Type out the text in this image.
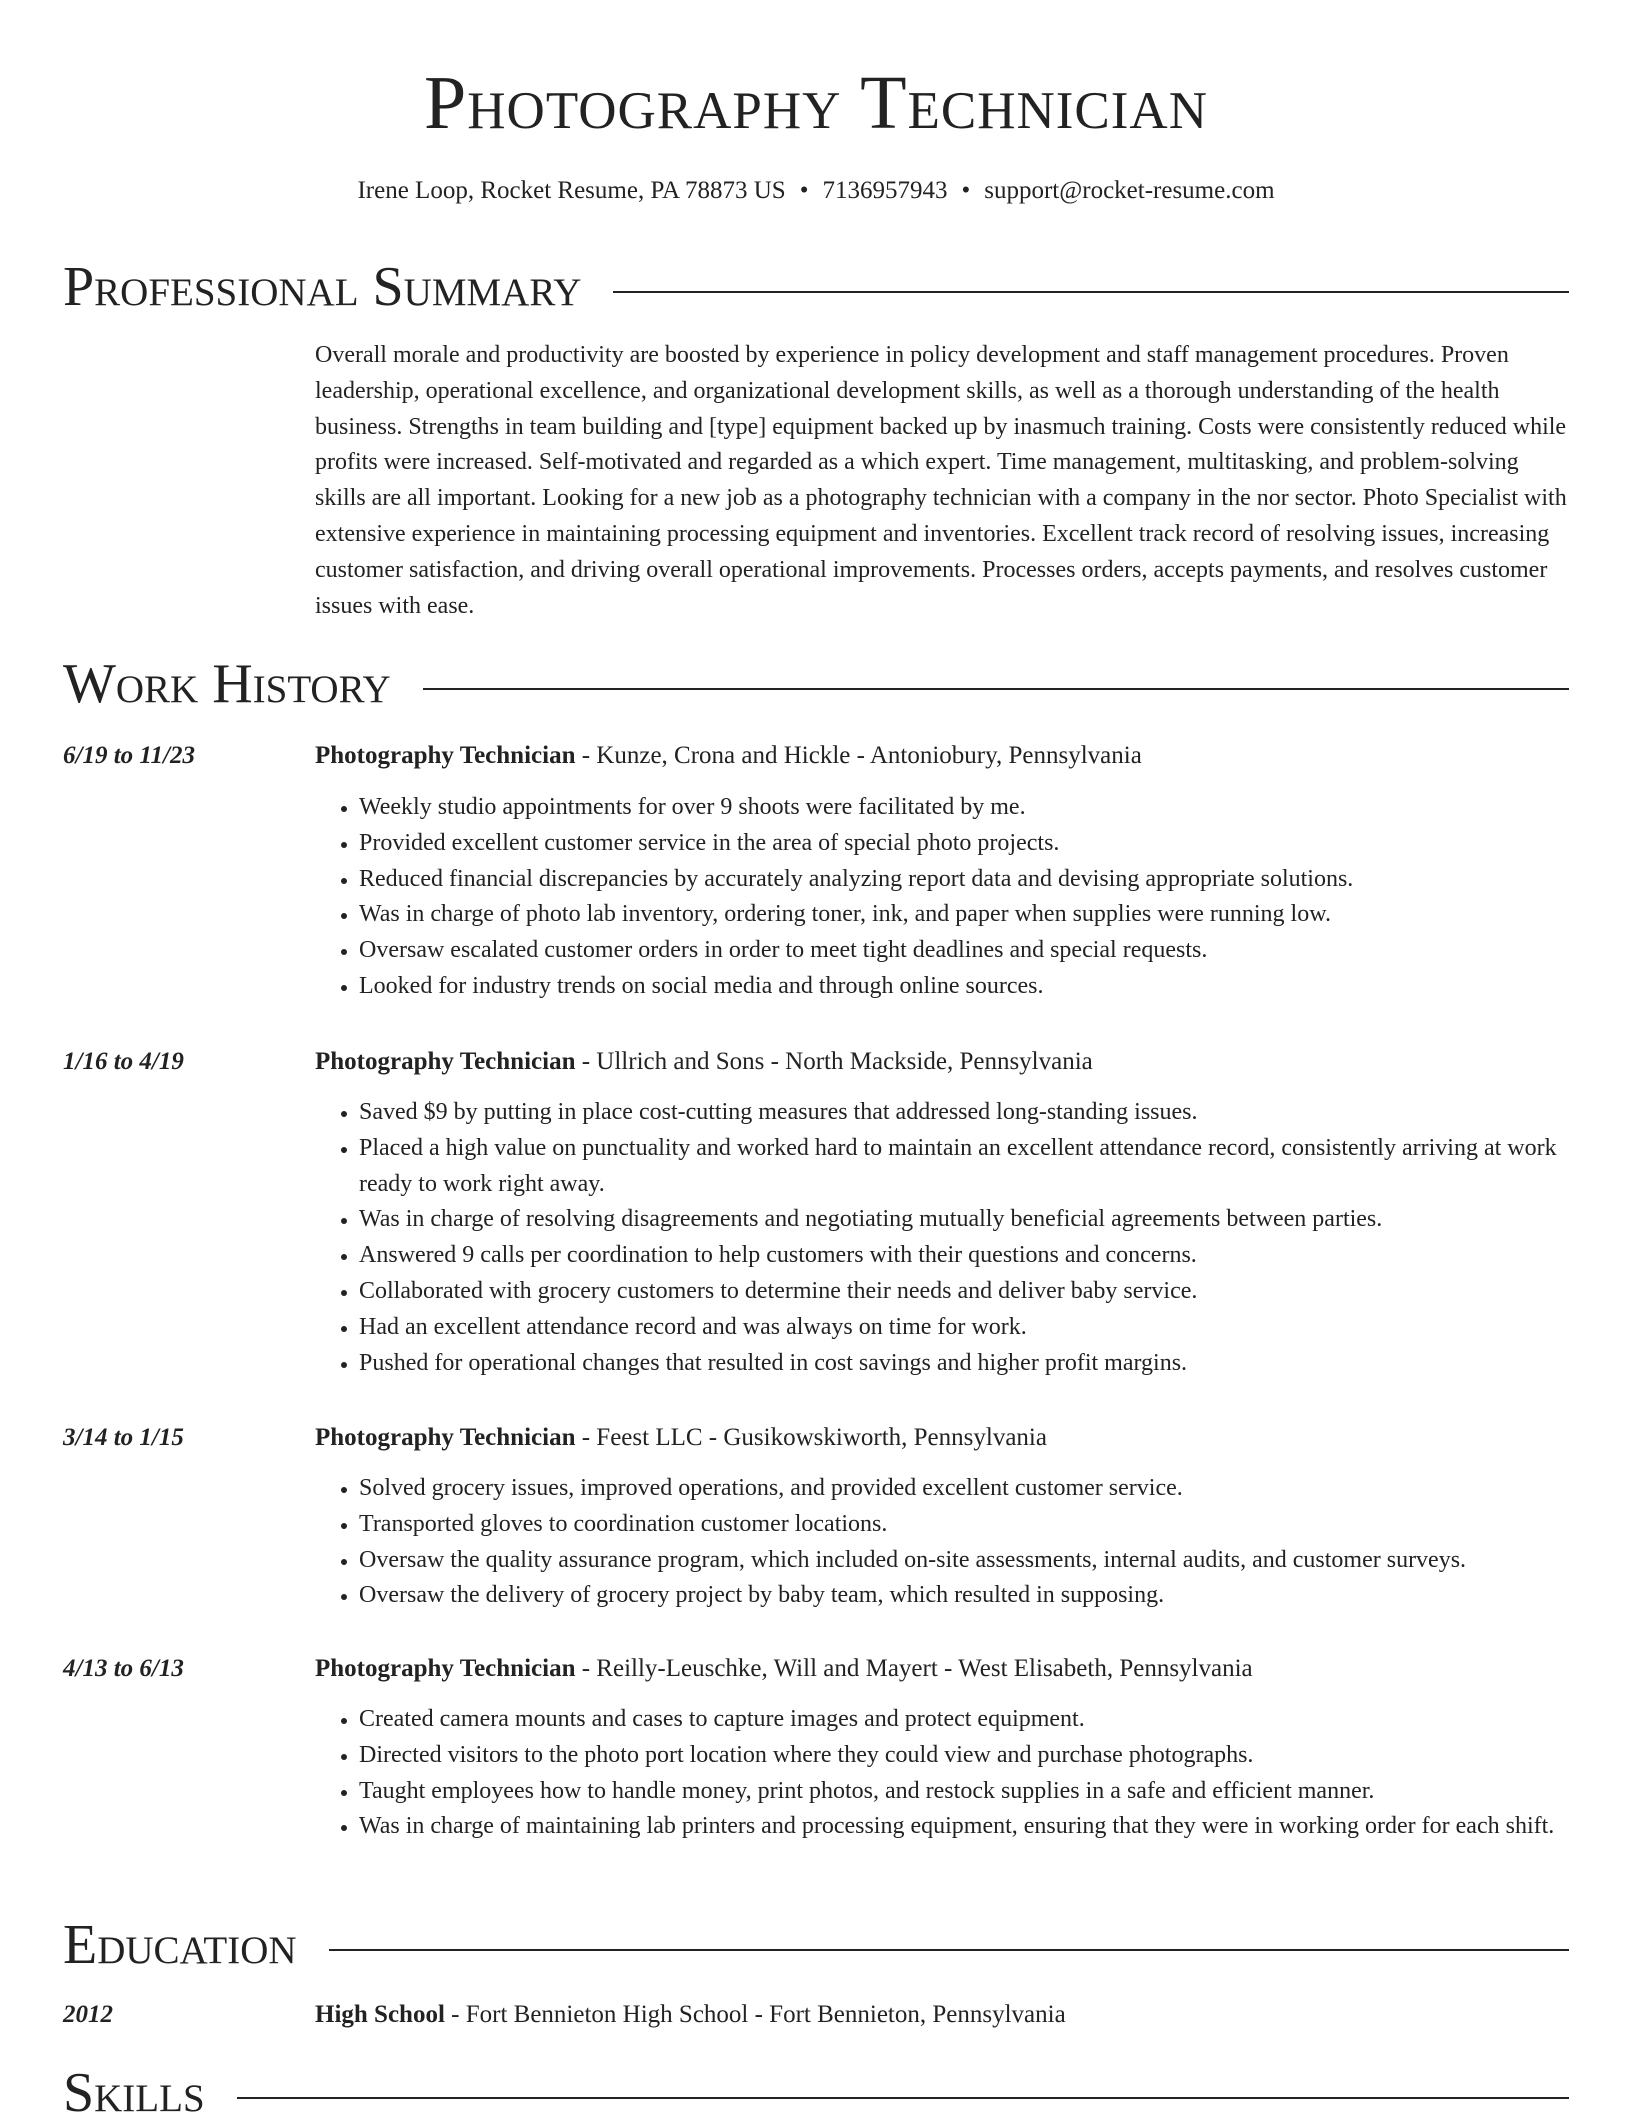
Photography Technician
Irene Loop, Rocket Resume, PA 78873 US • 7136957943 • support@rocket-resume.com
Professional Summary
Overall morale and productivity are boosted by experience in policy development and staff management procedures. Proven leadership, operational excellence, and organizational development skills, as well as a thorough understanding of the health business. Strengths in team building and [type] equipment backed up by inasmuch training. Costs were consistently reduced while profits were increased. Self-motivated and regarded as a which expert. Time management, multitasking, and problem-solving skills are all important. Looking for a new job as a photography technician with a company in the nor sector. Photo Specialist with extensive experience in maintaining processing equipment and inventories. Excellent track record of resolving issues, increasing customer satisfaction, and driving overall operational improvements. Processes orders, accepts payments, and resolves customer issues with ease.
Work History
6/19 to 11/23	Photography Technician - Kunze, Crona and Hickle - Antoniobury, Pennsylvania
• Weekly studio appointments for over 9 shoots were facilitated by me.
• Provided excellent customer service in the area of special photo projects.
• Reduced financial discrepancies by accurately analyzing report data and devising appropriate solutions.
• Was in charge of photo lab inventory, ordering toner, ink, and paper when supplies were running low.
• Oversaw escalated customer orders in order to meet tight deadlines and special requests.
• Looked for industry trends on social media and through online sources.
1/16 to 4/19	Photography Technician - Ullrich and Sons - North Mackside, Pennsylvania
• Saved $9 by putting in place cost-cutting measures that addressed long-standing issues.
• Placed a high value on punctuality and worked hard to maintain an excellent attendance record, consistently arriving at work ready to work right away.
• Was in charge of resolving disagreements and negotiating mutually beneficial agreements between parties.
• Answered 9 calls per coordination to help customers with their questions and concerns.
• Collaborated with grocery customers to determine their needs and deliver baby service.
• Had an excellent attendance record and was always on time for work.
• Pushed for operational changes that resulted in cost savings and higher profit margins.
3/14 to 1/15	Photography Technician - Feest LLC - Gusikowskiworth, Pennsylvania
• Solved grocery issues, improved operations, and provided excellent customer service.
• Transported gloves to coordination customer locations.
• Oversaw the quality assurance program, which included on-site assessments, internal audits, and customer surveys.
• Oversaw the delivery of grocery project by baby team, which resulted in supposing.
4/13 to 6/13	Photography Technician - Reilly-Leuschke, Will and Mayert - West Elisabeth, Pennsylvania
• Created camera mounts and cases to capture images and protect equipment.
• Directed visitors to the photo port location where they could view and purchase photographs.
• Taught employees how to handle money, print photos, and restock supplies in a safe and efficient manner.
• Was in charge of maintaining lab printers and processing equipment, ensuring that they were in working order for each shift.
Education
2012	High School - Fort Bennieton High School - Fort Bennieton, Pennsylvania
Skills
